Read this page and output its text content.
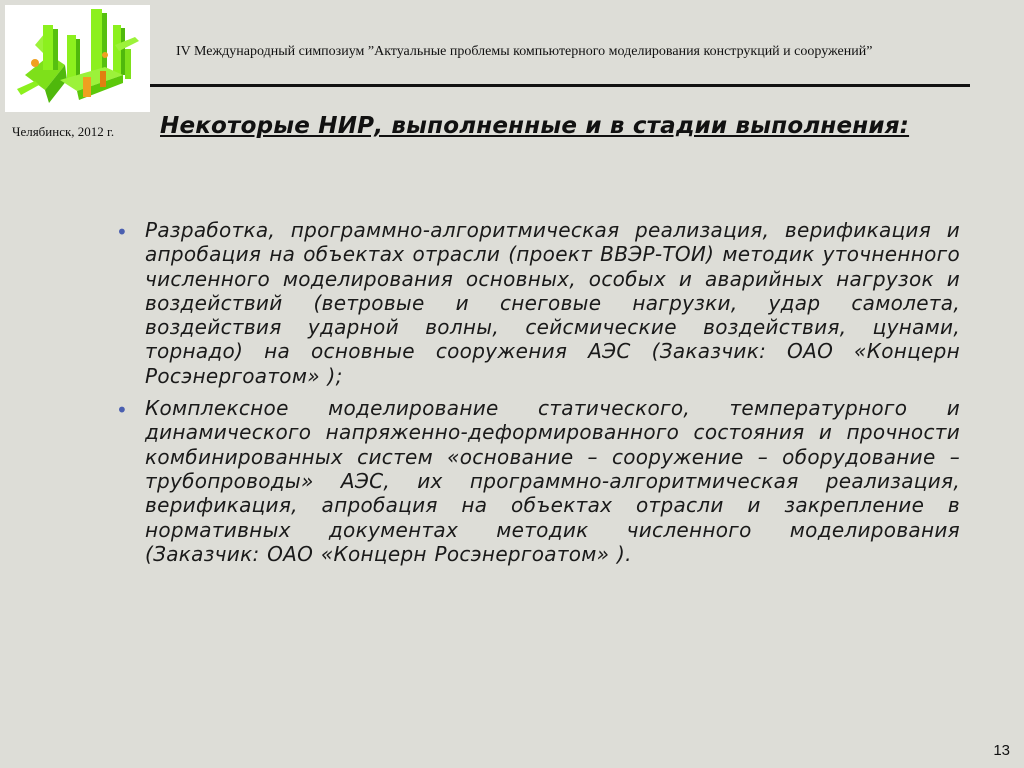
IV Международный симпозиум ”Актуальные проблемы компьютерного моделирования конструкций и сооружений”
Челябинск, 2012 г. Некоторые НИР, выполненные и в стадии выполнения:
• Разработка, программно-алгоритмическая реализация, верификация и апробация на объектах отрасли (проект ВВЭР-ТОИ) методик уточненного численного моделирования основных, особых и аварийных нагрузок и воздействий (ветровые и снеговые нагрузки, удар самолета, воздействия ударной волны, сейсмические воздействия, цунами, торнадо) на основные сооружения АЭС (Заказчик: ОАО «Концерн Росэнергоатом» );
• Комплексное моделирование статического, температурного и динамического напряженно-деформированного состояния и прочности комбинированных систем «основание – сооружение – оборудование – трубопроводы» АЭС, их программно-алгоритмическая реализация, верификация, апробация на объектах отрасли и закрепление в нормативных документах методик численного моделирования (Заказчик: ОАО «Концерн Росэнергоатом» ).
13
